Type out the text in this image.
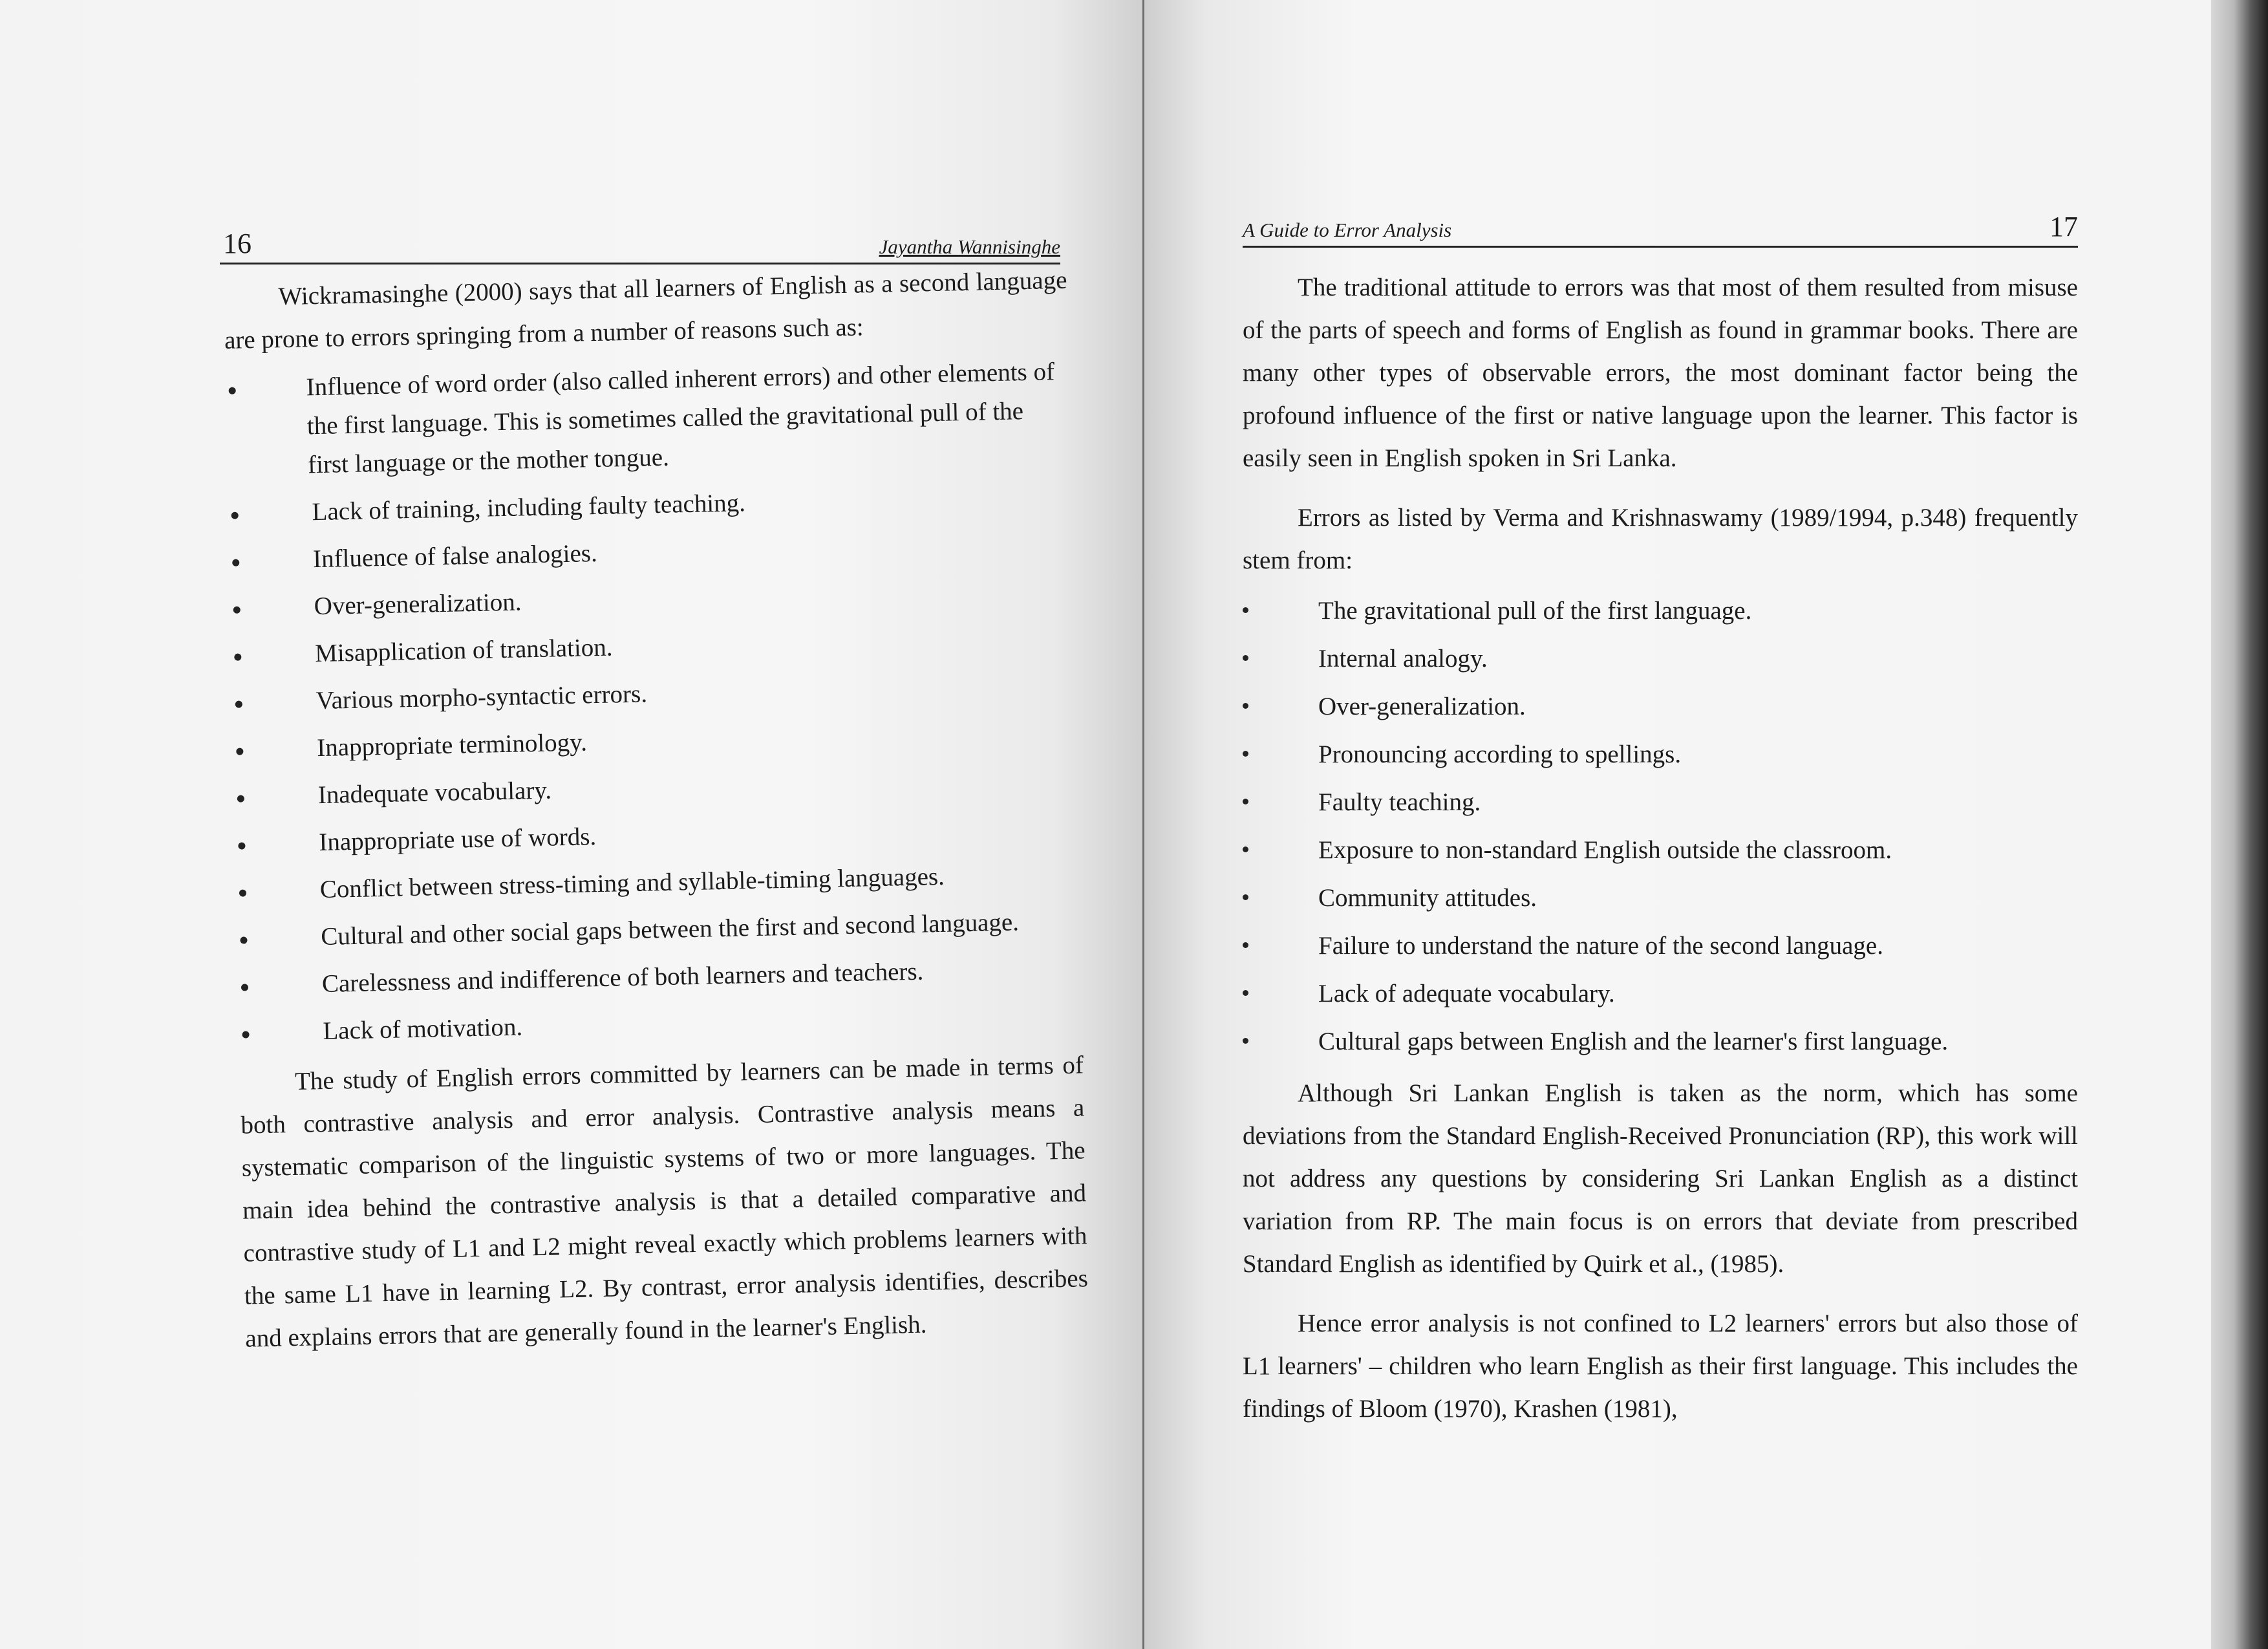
16	Jayantha Wannisinghe

Wickramasinghe (2000) says that all learners of English as a second language are prone to errors springing from a number of reasons such as:

Influence of word order (also called inherent errors) and other elements of the first language. This is sometimes called the gravitational pull of the first language or the mother tongue.
Lack of training, including faulty teaching.
Influence of false analogies.
Over-generalization.
Misapplication of translation.
Various morpho-syntactic errors.
Inappropriate terminology.
Inadequate vocabulary.
Inappropriate use of words.
Conflict between stress-timing and syllable-timing languages.
Cultural and other social gaps between the first and second language.
Carelessness and indifference of both learners and teachers.
Lack of motivation.

The study of English errors committed by learners can be made in terms of both contrastive analysis and error analysis. Contrastive analysis means a systematic comparison of the linguistic systems of two or more languages. The main idea behind the contrastive analysis is that a detailed comparative and contrastive study of L1 and L2 might reveal exactly which problems learners with the same L1 have in learning L2. By contrast, error analysis identifies, describes and explains errors that are generally found in the learner's English.

A Guide to Error Analysis	17

The traditional attitude to errors was that most of them resulted from misuse of the parts of speech and forms of English as found in grammar books. There are many other types of observable errors, the most dominant factor being the profound influence of the first or native language upon the learner. This factor is easily seen in English spoken in Sri Lanka.

Errors as listed by Verma and Krishnaswamy (1989/1994, p.348) frequently stem from:

The gravitational pull of the first language.
Internal analogy.
Over-generalization.
Pronouncing according to spellings.
Faulty teaching.
Exposure to non-standard English outside the classroom.
Community attitudes.
Failure to understand the nature of the second language.
Lack of adequate vocabulary.
Cultural gaps between English and the learner's first language.

Although Sri Lankan English is taken as the norm, which has some deviations from the Standard English-Received Pronunciation (RP), this work will not address any questions by considering Sri Lankan English as a distinct variation from RP. The main focus is on errors that deviate from prescribed Standard English as identified by Quirk et al., (1985).

Hence error analysis is not confined to L2 learners' errors but also those of L1 learners' – children who learn English as their first language. This includes the findings of Bloom (1970), Krashen (1981),
